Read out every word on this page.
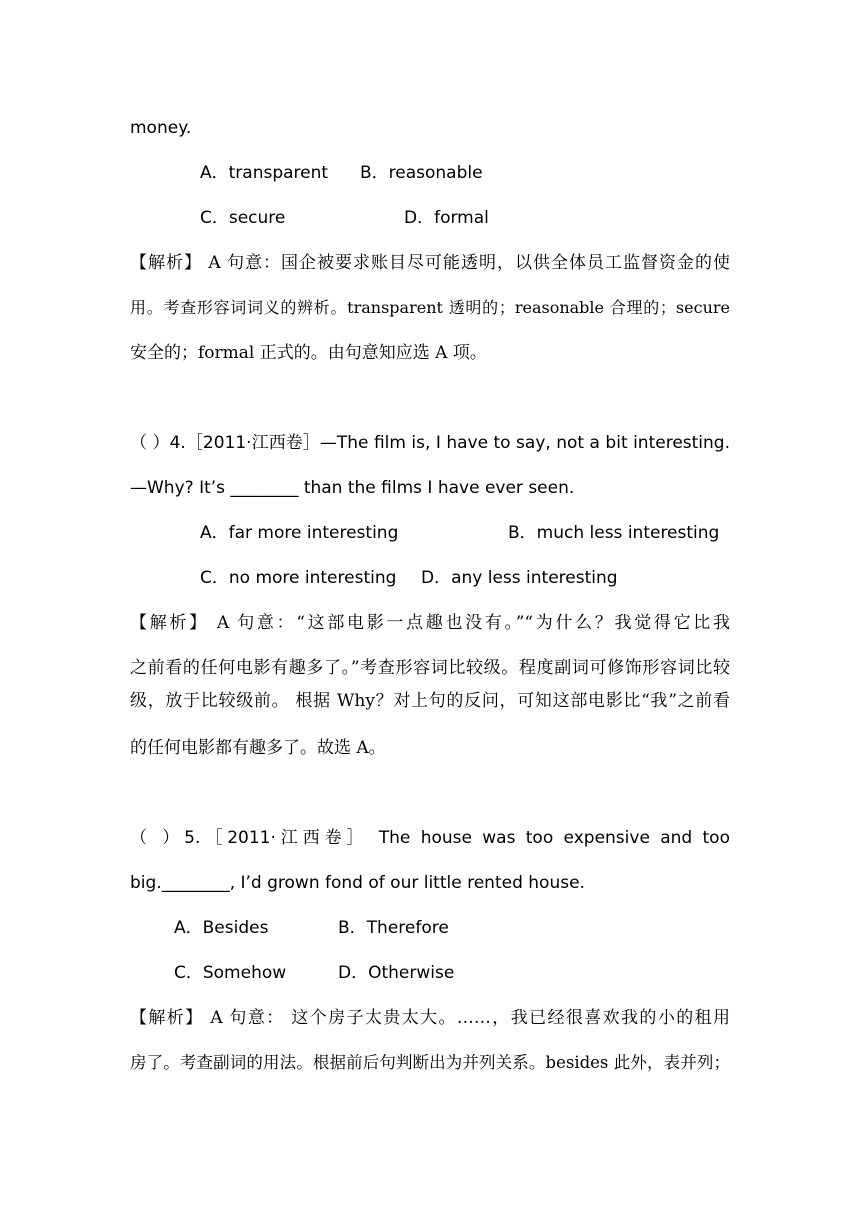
money.
A．transparent B．reasonable
C．secure	D．formal
【解析】 A 句意：国企被要求账目尽可能透明，以供全体员工监督资金的使
用。考查形容词词义的辨析。transparent 透明的；reasonable 合理的；secure
安全的；formal 正式的。由句意知应选 A 项。
（ ）4.［2011·江西卷］—The film is, I have to say, not a bit interesting.
—Why? It’s ________ than the films I have ever seen.
A．far more interesting	B．much less interesting
C．no more interesting D．any less interesting
【解析】 A 句意：“这部电影一点趣也没有。”“为什么？我觉得它比我
之前看的任何电影有趣多了。”考查形容词比较级。程度副词可修饰形容词比较
级，放于比较级前。 根据 Why？对上句的反问，可知这部电影比“我”之前看
的任何电影都有趣多了。故选 A。
（ ）5.［2011·江西卷］ The house was too expensive and too
big.________, I’d grown fond of our little rented house.
A．Besides	B．Therefore
C．Somehow	D．Otherwise
【解析】 A 句意： 这个房子太贵太大。……，我已经很喜欢我的小的租用
房了。考查副词的用法。根据前后句判断出为并列关系。besides 此外，表并列；
